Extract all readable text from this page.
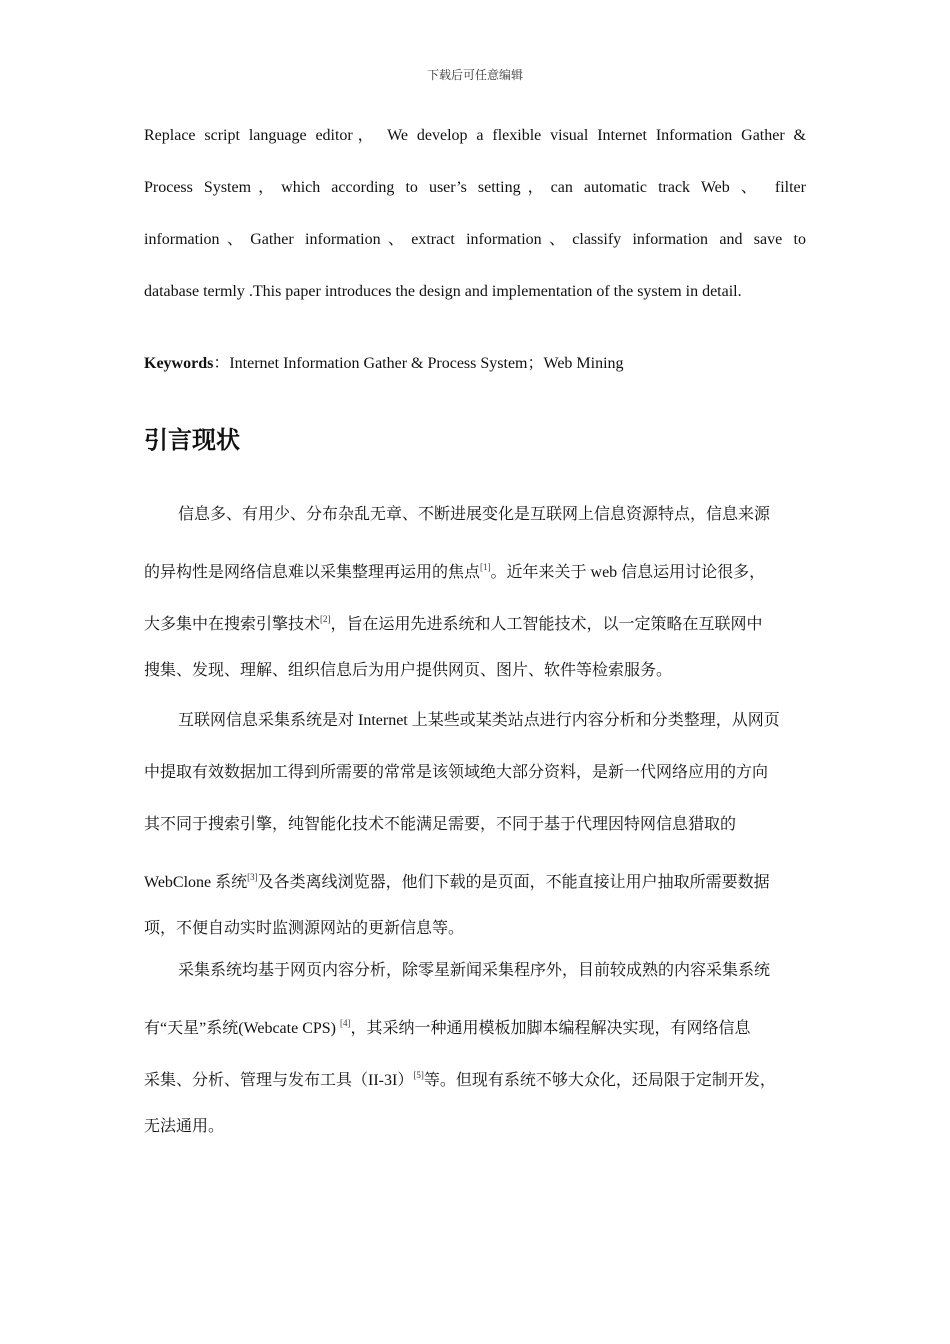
下载后可任意编辑
Replace script language editor， We develop a flexible visual Internet Information Gather &
Process System，which according to user’s setting，can automatic track Web 、 filter
information、Gather information、extract information、classify information and save to
database termly .This paper introduces the design and implementation of the system in detail.

Keywords：Internet Information Gather & Process System；Web Mining

引言现状
信息多、有用少、分布杂乱无章、不断进展变化是互联网上信息资源特点，信息来源
的异构性是网络信息难以采集整理再运用的焦点[1]。近年来关于 web 信息运用讨论很多，
大多集中在搜索引擎技术[2]，旨在运用先进系统和人工智能技术，以一定策略在互联网中
搜集、发现、理解、组织信息后为用户提供网页、图片、软件等检索服务。
互联网信息采集系统是对 Internet 上某些或某类站点进行内容分析和分类整理，从网页
中提取有效数据加工得到所需要的常常是该领域绝大部分资料，是新一代网络应用的方向
其不同于搜索引擎，纯智能化技术不能满足需要，不同于基于代理因特网信息猎取的
WebClone 系统[3]及各类离线浏览器，他们下载的是页面，不能直接让用户抽取所需要数据
项，不便自动实时监测源网站的更新信息等。
采集系统均基于网页内容分析，除零星新闻采集程序外，目前较成熟的内容采集系统
有“天星”系统(Webcate CPS) [4]，其采纳一种通用模板加脚本编程解决实现，有网络信息
采集、分析、管理与发布工具（II-3I）[5]等。但现有系统不够大众化，还局限于定制开发，
无法通用。
